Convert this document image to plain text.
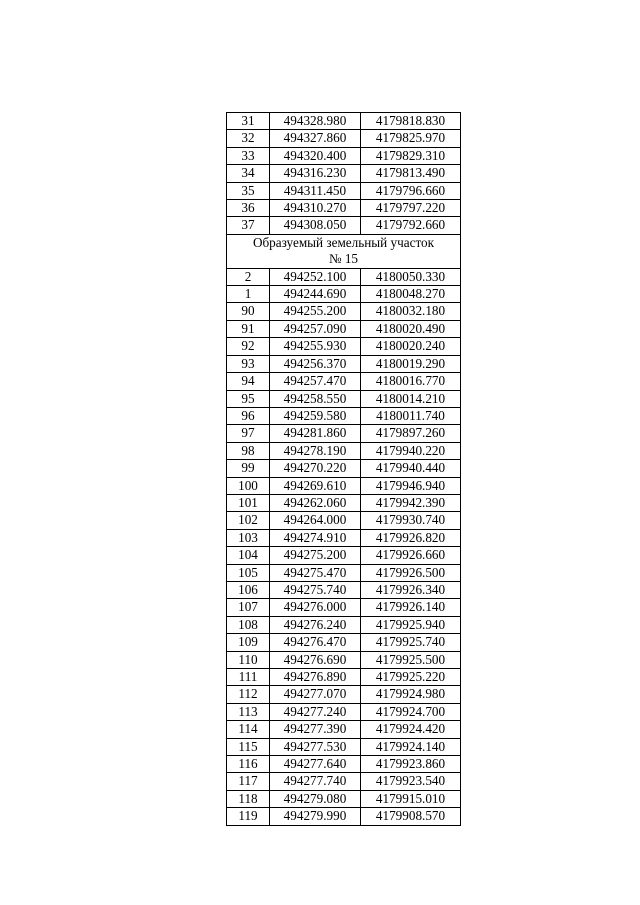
31	494328.980	4179818.830
32	494327.860	4179825.970
33	494320.400	4179829.310
34	494316.230	4179813.490
35	494311.450	4179796.660
36	494310.270	4179797.220
37	494308.050	4179792.660

Образуемый земельный участок
№ 15		

2	494252.100	4180050.330
1	494244.690	4180048.270
90	494255.200	4180032.180
91	494257.090	4180020.490
92	494255.930	4180020.240
93	494256.370	4180019.290
94	494257.470	4180016.770
95	494258.550	4180014.210
96	494259.580	4180011.740
97	494281.860	4179897.260
98	494278.190	4179940.220
99	494270.220	4179940.440
100	494269.610	4179946.940
101	494262.060	4179942.390
102	494264.000	4179930.740
103	494274.910	4179926.820
104	494275.200	4179926.660
105	494275.470	4179926.500
106	494275.740	4179926.340
107	494276.000	4179926.140
108	494276.240	4179925.940
109	494276.470	4179925.740
110	494276.690	4179925.500
111	494276.890	4179925.220
112	494277.070	4179924.980
113	494277.240	4179924.700
114	494277.390	4179924.420
115	494277.530	4179924.140
116	494277.640	4179923.860
117	494277.740	4179923.540
118	494279.080	4179915.010
119	494279.990	4179908.570
